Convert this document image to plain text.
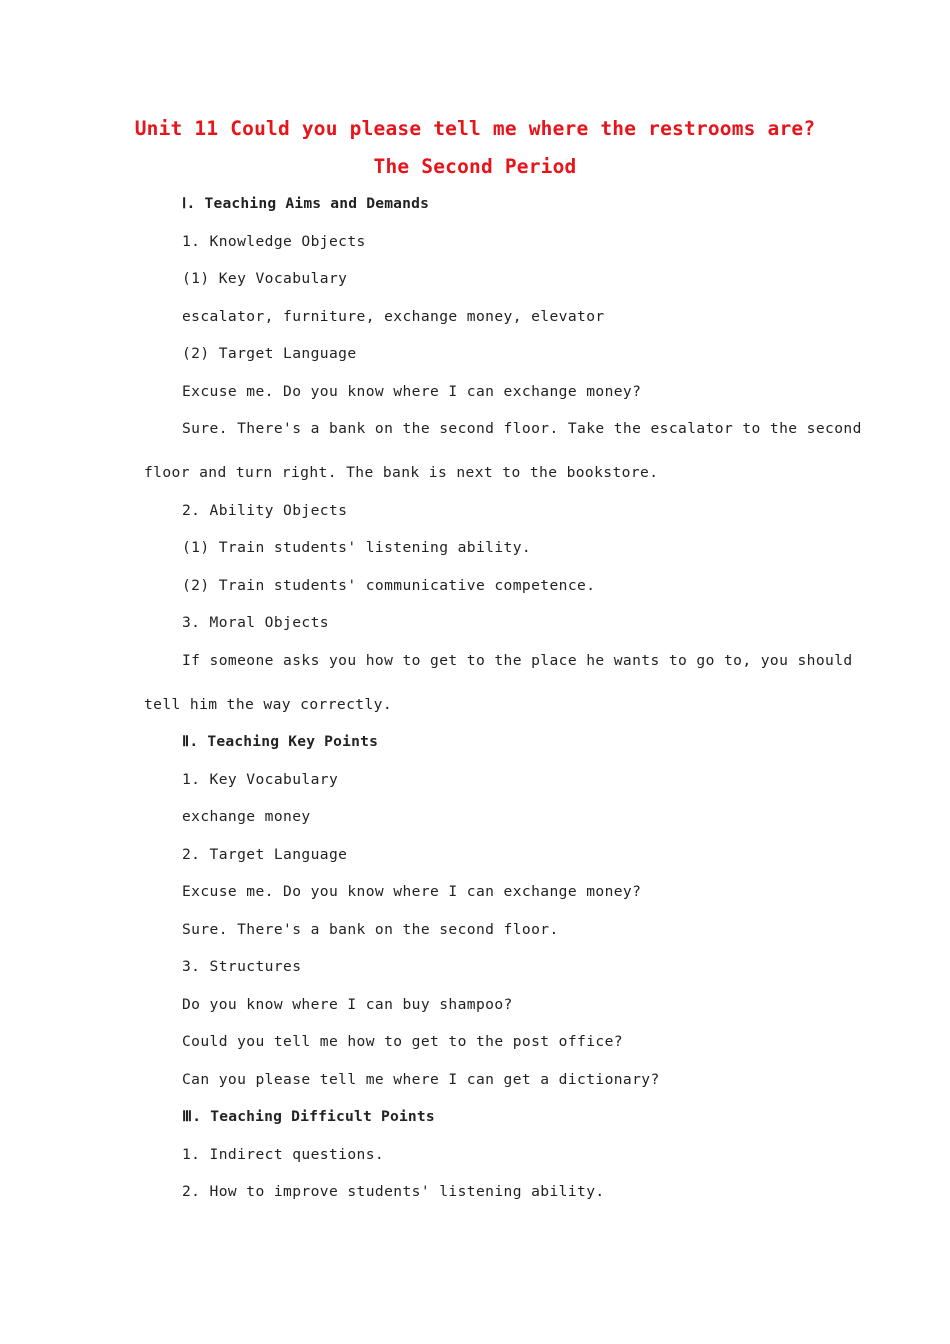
Unit 11 Could you please tell me where the restrooms are?
The Second Period
Ⅰ. Teaching Aims and Demands
1. Knowledge Objects
(1) Key Vocabulary
escalator, furniture, exchange money, elevator
(2) Target Language
Excuse me. Do you know where I can exchange money?
Sure. There's a bank on the second floor. Take the escalator to the second
floor and turn right. The bank is next to the bookstore.
2. Ability Objects
(1) Train students' listening ability.
(2) Train students' communicative competence.
3. Moral Objects
If someone asks you how to get to the place he wants to go to, you should
tell him the way correctly.
Ⅱ. Teaching Key Points
1. Key Vocabulary
exchange money
2. Target Language
Excuse me. Do you know where I can exchange money?
Sure. There's a bank on the second floor.
3. Structures
Do you know where I can buy shampoo?
Could you tell me how to get to the post office?
Can you please tell me where I can get a dictionary?
Ⅲ. Teaching Difficult Points
1. Indirect questions.
2. How to improve students' listening ability.
